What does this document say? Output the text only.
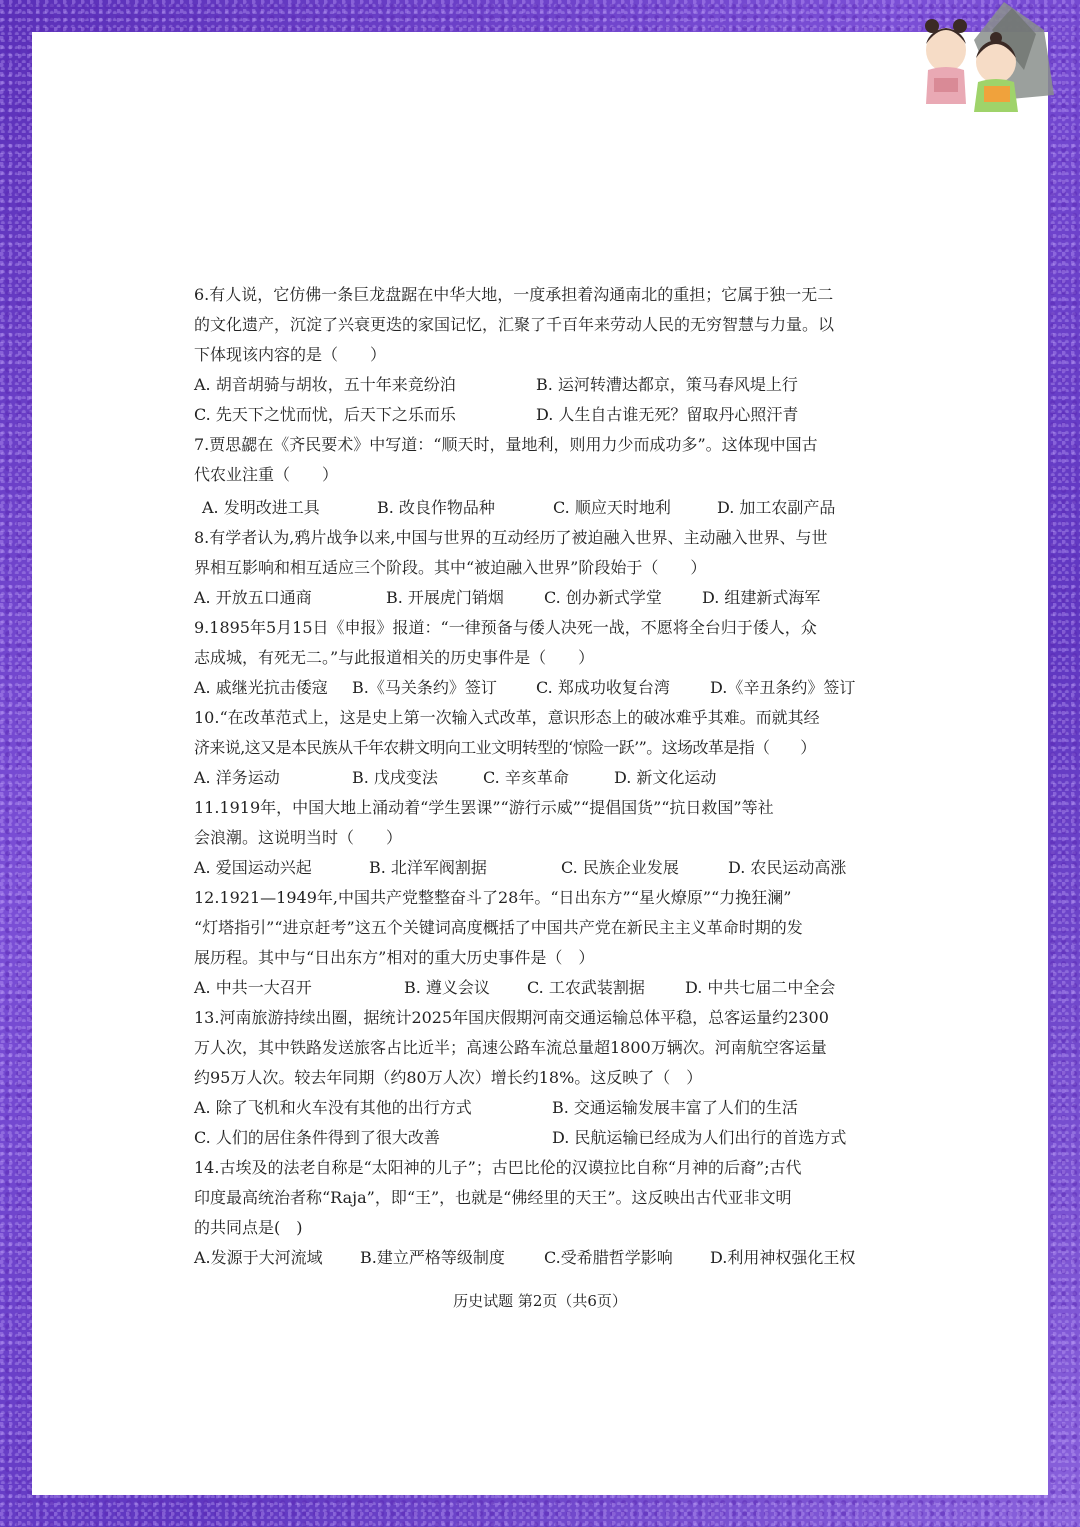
6.有人说，它仿佛一条巨龙盘踞在中华大地，一度承担着沟通南北的重担；它属于独一无二

的文化遗产，沉淀了兴衰更迭的家国记忆，汇聚了千百年来劳动人民的无穷智慧与力量。以

下体现该内容的是（　　）

A. 胡音胡骑与胡妆，五十年来竞纷泊	B. 运河转漕达都京，策马春风堤上行
C. 先天下之忧而忧，后天下之乐而乐	D. 人生自古谁无死？留取丹心照汗青

7.贾思勰在《齐民要术》中写道：“顺天时，量地利，则用力少而成功多”。这体现中国古

代农业注重（　　）

A. 发明改进工具	B. 改良作物品种	C. 顺应天时地利	D. 加工农副产品

8.有学者认为,鸦片战争以来,中国与世界的互动经历了被迫融入世界、主动融入世界、与世

界相互影响和相互适应三个阶段。其中“被迫融入世界”阶段始于（　　）

A. 开放五口通商	B. 开展虎门销烟	C. 创办新式学堂	D. 组建新式海军

9.1895年5月15日《申报》报道：“一律预备与倭人决死一战，不愿将全台归于倭人，众

志成城，有死无二。”与此报道相关的历史事件是（　　）

A. 戚继光抗击倭寇	B.《马关条约》签订	C. 郑成功收复台湾	D.《辛丑条约》签订

10.“在改革范式上，这是史上第一次输入式改革，意识形态上的破冰难乎其难。而就其经

济来说,这又是本民族从千年农耕文明向工业文明转型的‘惊险一跃’”。这场改革是指（　　）

A. 洋务运动	B. 戊戌变法	C. 辛亥革命	D. 新文化运动

11.1919年，中国大地上涌动着“学生罢课”“游行示威”“提倡国货”“抗日救国”等社

会浪潮。这说明当时（　　）

A. 爱国运动兴起	B. 北洋军阀割据	C. 民族企业发展	D. 农民运动高涨

12.1921—1949年,中国共产党整整奋斗了28年。“日出东方”“星火燎原”“力挽狂澜”

“灯塔指引”“进京赶考”这五个关键词高度概括了中国共产党在新民主主义革命时期的发

展历程。其中与“日出东方”相对的重大历史事件是（　）

A. 中共一大召开	B. 遵义会议	C. 工农武装割据	D. 中共七届二中全会

13.河南旅游持续出圈，据统计2025年国庆假期河南交通运输总体平稳，总客运量约2300

万人次，其中铁路发送旅客占比近半；高速公路车流总量超1800万辆次。河南航空客运量

约95万人次。较去年同期（约80万人次）增长约18%。这反映了（　）

A. 除了飞机和火车没有其他的出行方式	B. 交通运输发展丰富了人们的生活
C. 人们的居住条件得到了很大改善	D. 民航运输已经成为人们出行的首选方式

14.古埃及的法老自称是“太阳神的儿子”；古巴比伦的汉谟拉比自称“月神的后裔”;古代

印度最高统治者称“Raja”，即“王”，也就是“佛经里的天王”。这反映出古代亚非文明

的共同点是(　)

A.发源于大河流域	B.建立严格等级制度	C.受希腊哲学影响	D.利用神权强化王权
历史试题 第2页（共6页）
